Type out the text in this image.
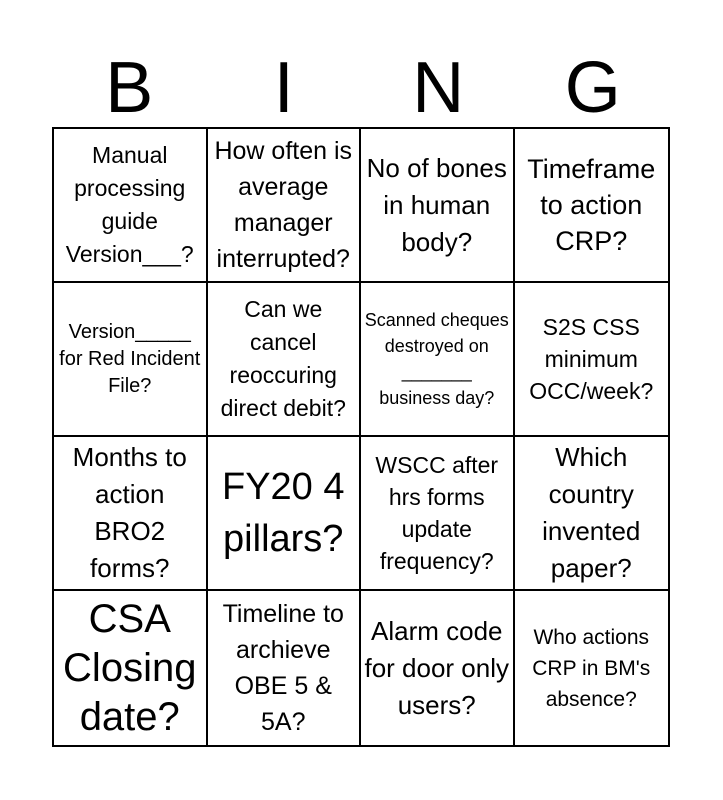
B	I	N	G
Manual processing guide Version___?
How often is average manager interrupted?
No of bones in human body?
Timeframe to action CRP?
Version_____ for Red Incident File?
Can we cancel reoccuring direct debit?
Scanned cheques destroyed on _______ business day?
S2S CSS minimum OCC/week?
Months to action BRO2 forms?
FY20 4 pillars?
WSCC after hrs forms update frequency?
Which country invented paper?
CSA Closing date?
Timeline to archieve OBE 5 & 5A?
Alarm code for door only users?
Who actions CRP in BM's absence?
